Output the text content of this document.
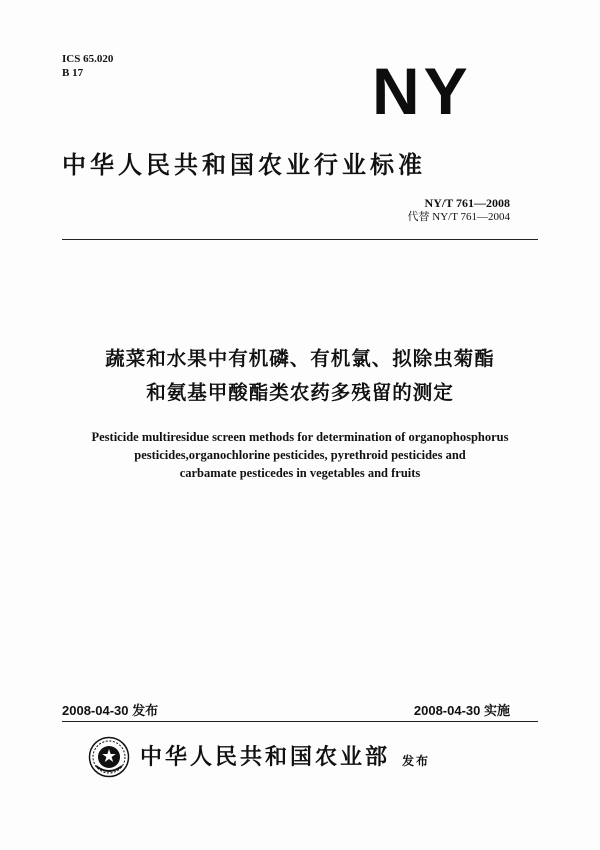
ICS 65.020
B 17	NY
中华人民共和国农业行业标准
NY/T 761—2008
代替 NY/T 761—2004
蔬菜和水果中有机磷、有机氯、拟除虫菊酯
和氨基甲酸酯类农药多残留的测定
Pesticide multiresidue screen methods for determination of organophosphorus
pesticides,organochlorine pesticides, pyrethroid pesticides and
carbamate pesticedes in vegetables and fruits
2008-04-30 发布	2008-04-30 实施
中华人民共和国农业部 发布
